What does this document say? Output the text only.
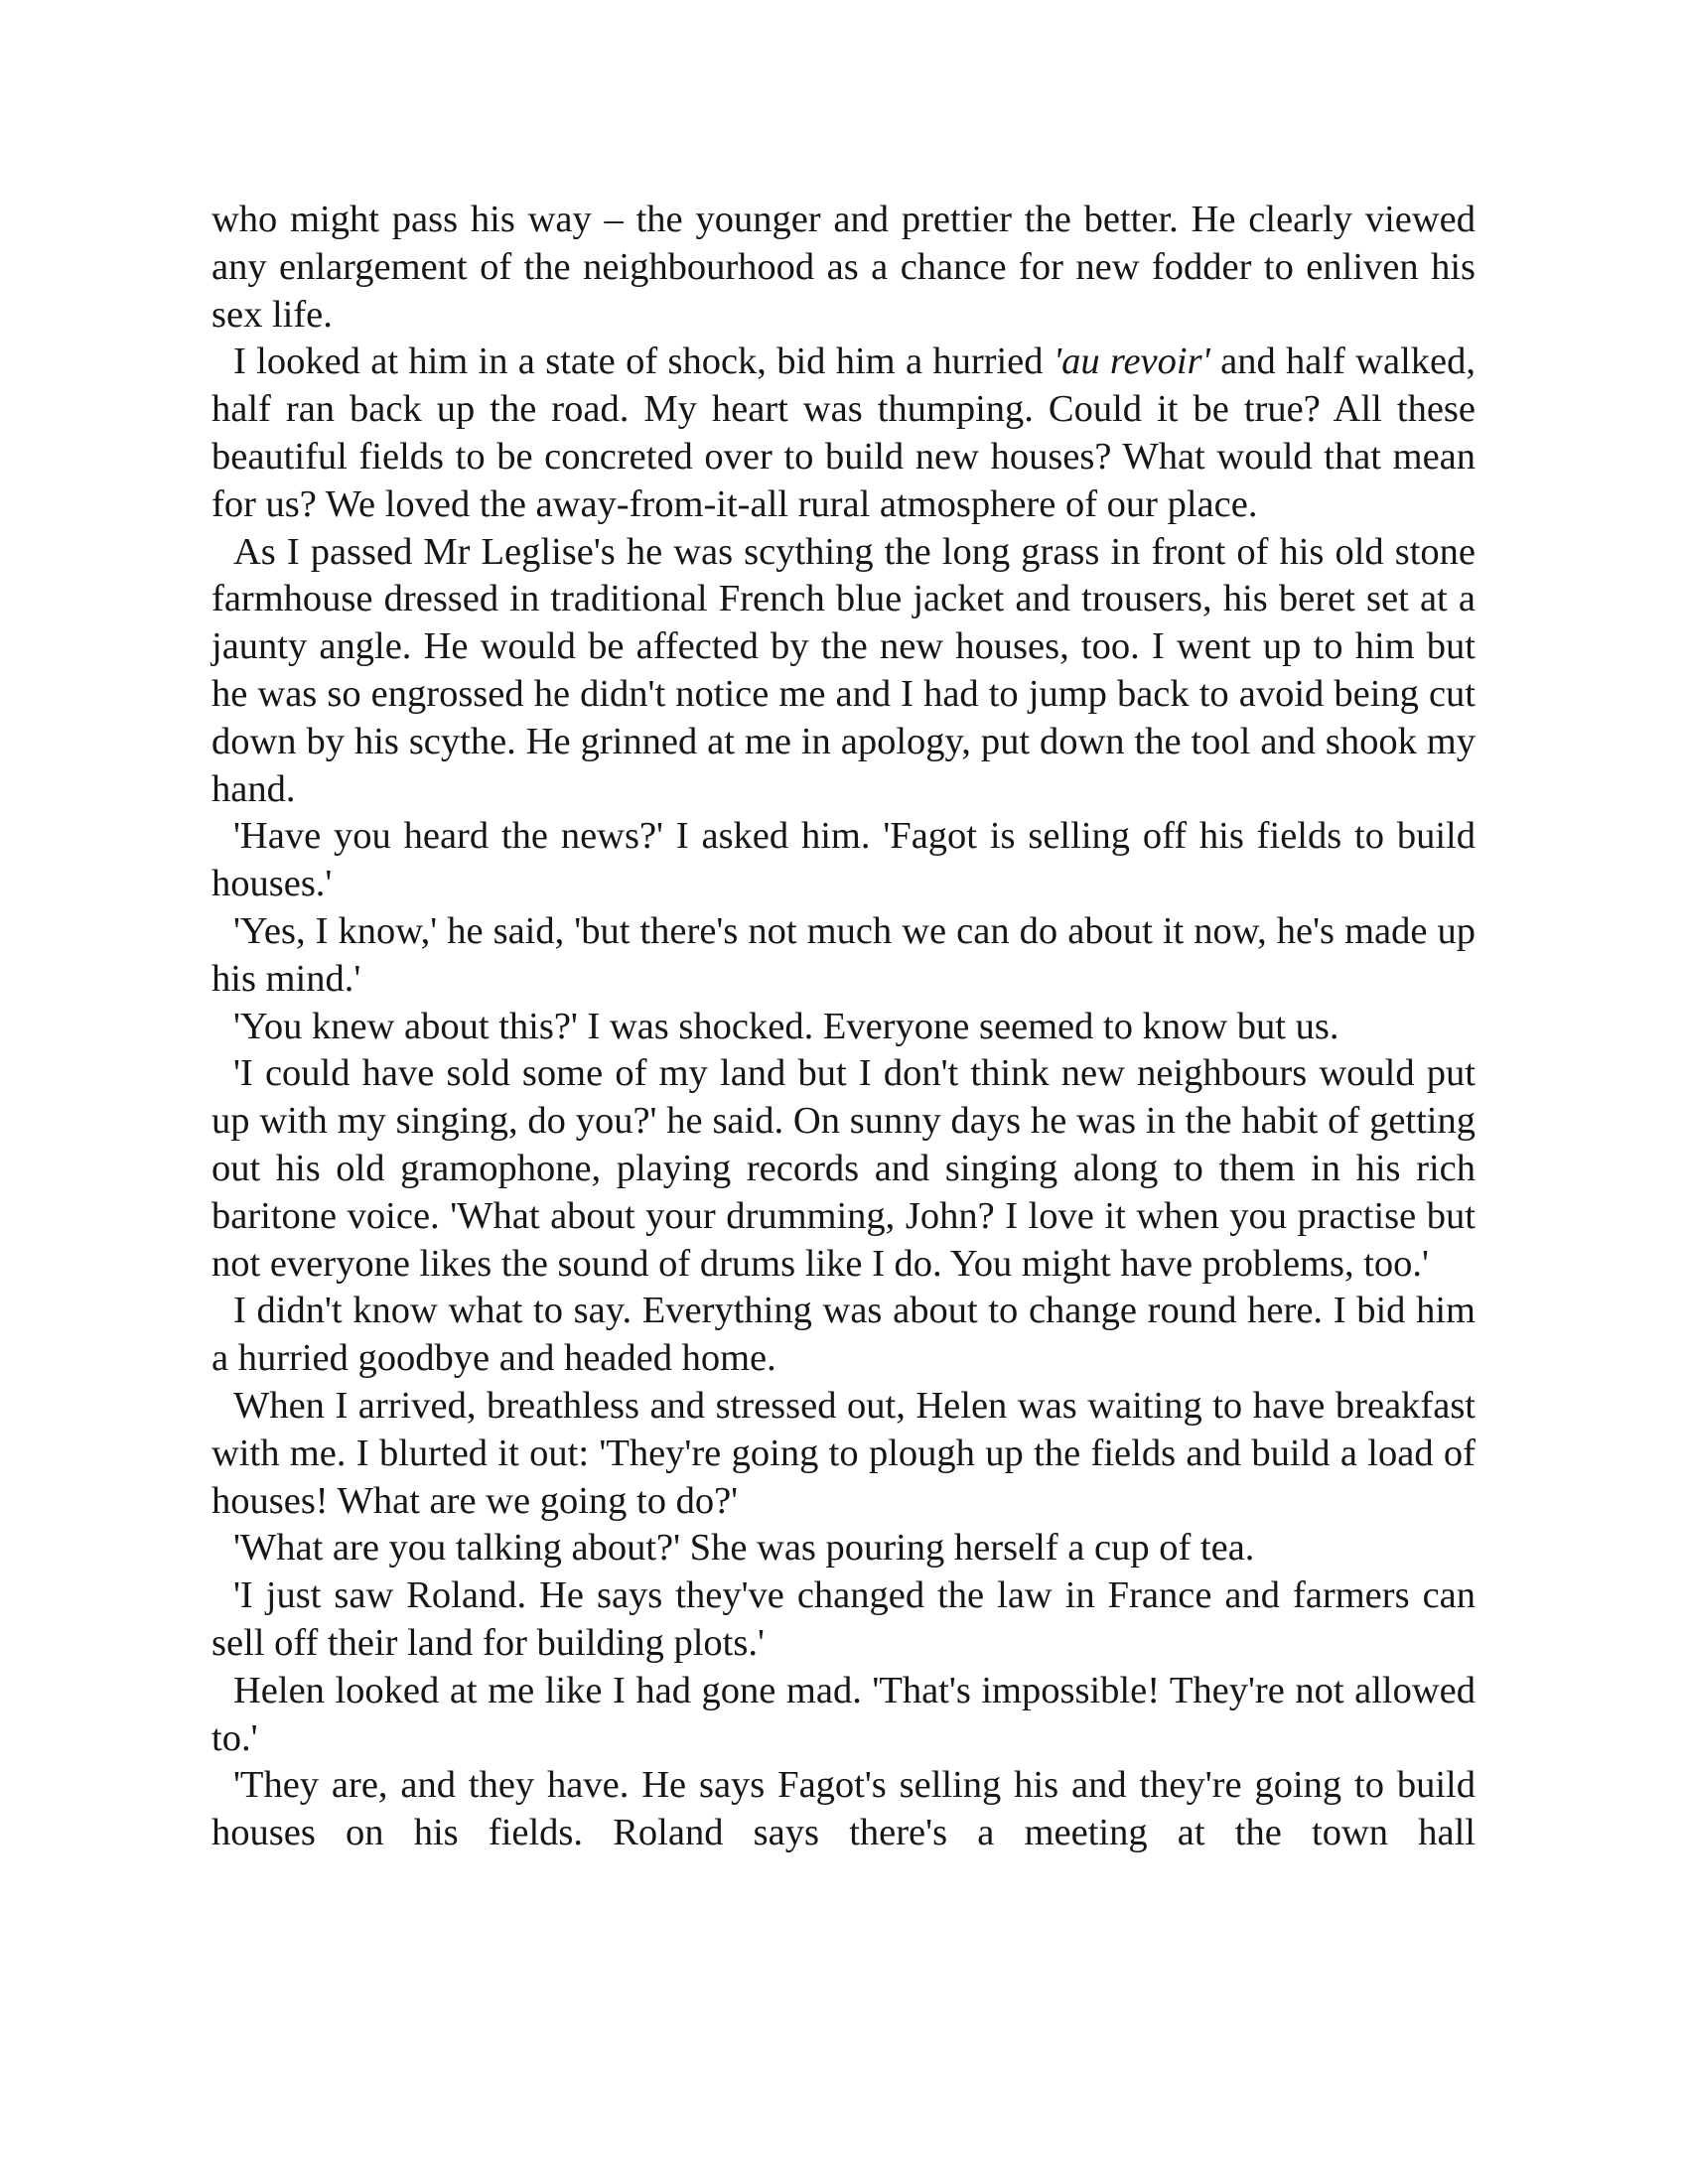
who might pass his way – the younger and prettier the better. He clearly viewed any enlargement of the neighbourhood as a chance for new fodder to enliven his sex life.

I looked at him in a state of shock, bid him a hurried 'au revoir' and half walked, half ran back up the road. My heart was thumping. Could it be true? All these beautiful fields to be concreted over to build new houses? What would that mean for us? We loved the away-from-it-all rural atmosphere of our place.

As I passed Mr Leglise's he was scything the long grass in front of his old stone farmhouse dressed in traditional French blue jacket and trousers, his beret set at a jaunty angle. He would be affected by the new houses, too. I went up to him but he was so engrossed he didn't notice me and I had to jump back to avoid being cut down by his scythe. He grinned at me in apology, put down the tool and shook my hand.

'Have you heard the news?' I asked him. 'Fagot is selling off his fields to build houses.'

'Yes, I know,' he said, 'but there's not much we can do about it now, he's made up his mind.'

'You knew about this?' I was shocked. Everyone seemed to know but us.

'I could have sold some of my land but I don't think new neighbours would put up with my singing, do you?' he said. On sunny days he was in the habit of getting out his old gramophone, playing records and singing along to them in his rich baritone voice. 'What about your drumming, John? I love it when you practise but not everyone likes the sound of drums like I do. You might have problems, too.'

I didn't know what to say. Everything was about to change round here. I bid him a hurried goodbye and headed home.

When I arrived, breathless and stressed out, Helen was waiting to have breakfast with me. I blurted it out: 'They're going to plough up the fields and build a load of houses! What are we going to do?'

'What are you talking about?' She was pouring herself a cup of tea.

'I just saw Roland. He says they've changed the law in France and farmers can sell off their land for building plots.'

Helen looked at me like I had gone mad. 'That's impossible! They're not allowed to.'

'They are, and they have. He says Fagot's selling his and they're going to build houses on his fields. Roland says there's a meeting at the town hall
